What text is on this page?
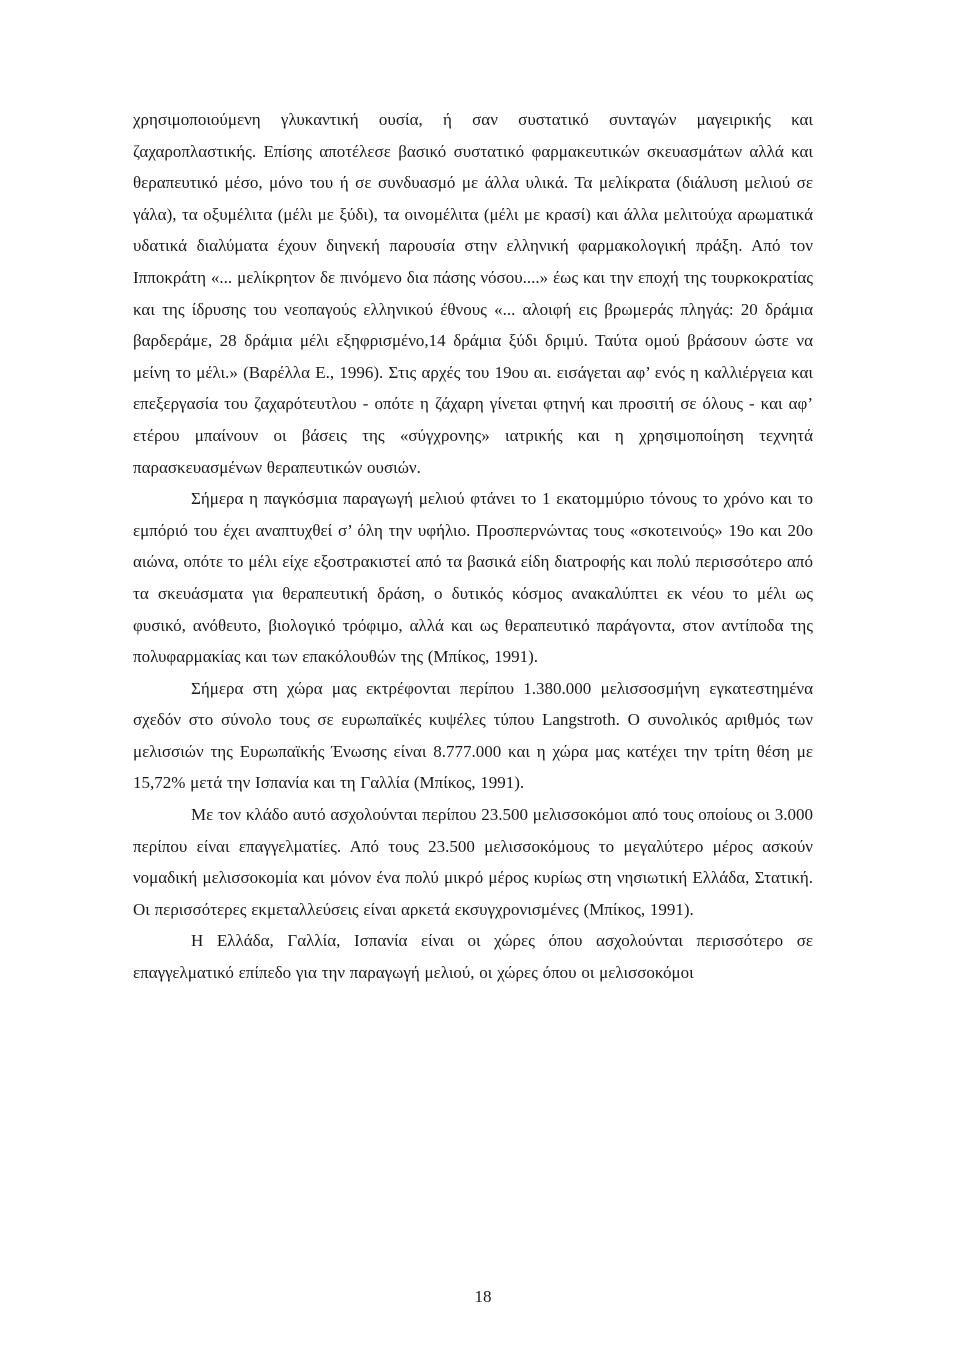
χρησιμοποιούμενη γλυκαντική ουσία, ή σαν συστατικό συνταγών μαγειρικής και ζαχαροπλαστικής. Επίσης αποτέλεσε βασικό συστατικό φαρμακευτικών σκευασμάτων αλλά και θεραπευτικό μέσο, μόνο του ή σε συνδυασμό με άλλα υλικά. Τα μελίκρατα (διάλυση μελιού σε γάλα), τα οξυμέλιτα (μέλι με ξύδι), τα οινομέλιτα (μέλι με κρασί) και άλλα μελιτούχα αρωματικά υδατικά διαλύματα έχουν διηνεκή παρουσία στην ελληνική φαρμακολογική πράξη. Από τον Ιπποκράτη «... μελίκρητον δε πινόμενο δια πάσης νόσου....» έως και την εποχή της τουρκοκρατίας και της ίδρυσης του νεοπαγούς ελληνικού έθνους «... αλοιφή εις βρωμεράς πληγάς: 20 δράμια βαρδεράμε, 28 δράμια μέλι εξηφρισμένο,14 δράμια ξύδι δριμύ. Ταύτα ομού βράσουν ώστε να μείνη το μέλι.» (Βαρέλλα Ε., 1996). Στις αρχές του 19ου αι. εισάγεται αφ’ ενός η καλλιέργεια και επεξεργασία του ζαχαρότευτλου - οπότε η ζάχαρη γίνεται φτηνή και προσιτή σε όλους - και αφ’ ετέρου μπαίνουν οι βάσεις της «σύγχρονης» ιατρικής και η χρησιμοποίηση τεχνητά παρασκευασμένων θεραπευτικών ουσιών.

Σήμερα η παγκόσμια παραγωγή μελιού φτάνει το 1 εκατομμύριο τόνους το χρόνο και το εμπόριό του έχει αναπτυχθεί σ’ όλη την υφήλιο. Προσπερνώντας τους «σκοτεινούς» 19ο και 20ο αιώνα, οπότε το μέλι είχε εξοστρακιστεί από τα βασικά είδη διατροφής και πολύ περισσότερο από τα σκευάσματα για θεραπευτική δράση, ο δυτικός κόσμος ανακαλύπτει εκ νέου το μέλι ως φυσικό, ανόθευτο, βιολογικό τρόφιμο, αλλά και ως θεραπευτικό παράγοντα, στον αντίποδα της πολυφαρμακίας και των επακόλουθών της (Μπίκος, 1991).

Σήμερα στη χώρα μας εκτρέφονται περίπου 1.380.000 μελισσοσμήνη εγκατεστημένα σχεδόν στο σύνολο τους σε ευρωπαϊκές κυψέλες τύπου Langstroth. Ο συνολικός αριθμός των μελισσιών της Ευρωπαϊκής Ένωσης είναι 8.777.000 και η χώρα μας κατέχει την τρίτη θέση με 15,72% μετά την Ισπανία και τη Γαλλία (Μπίκος, 1991).

Με τον κλάδο αυτό ασχολούνται περίπου 23.500 μελισσοκόμοι από τους οποίους οι 3.000 περίπου είναι επαγγελματίες. Από τους 23.500 μελισσοκόμους το μεγαλύτερο μέρος ασκούν νομαδική μελισσοκομία και μόνον ένα πολύ μικρό μέρος κυρίως στη νησιωτική Ελλάδα, Στατική. Οι περισσότερες εκμεταλλεύσεις είναι αρκετά εκσυγχρονισμένες (Μπίκος, 1991).

Η Ελλάδα, Γαλλία, Ισπανία είναι οι χώρες όπου ασχολούνται περισσότερο σε επαγγελματικό επίπεδο για την παραγωγή μελιού, οι χώρες όπου οι μελισσοκόμοι

18
